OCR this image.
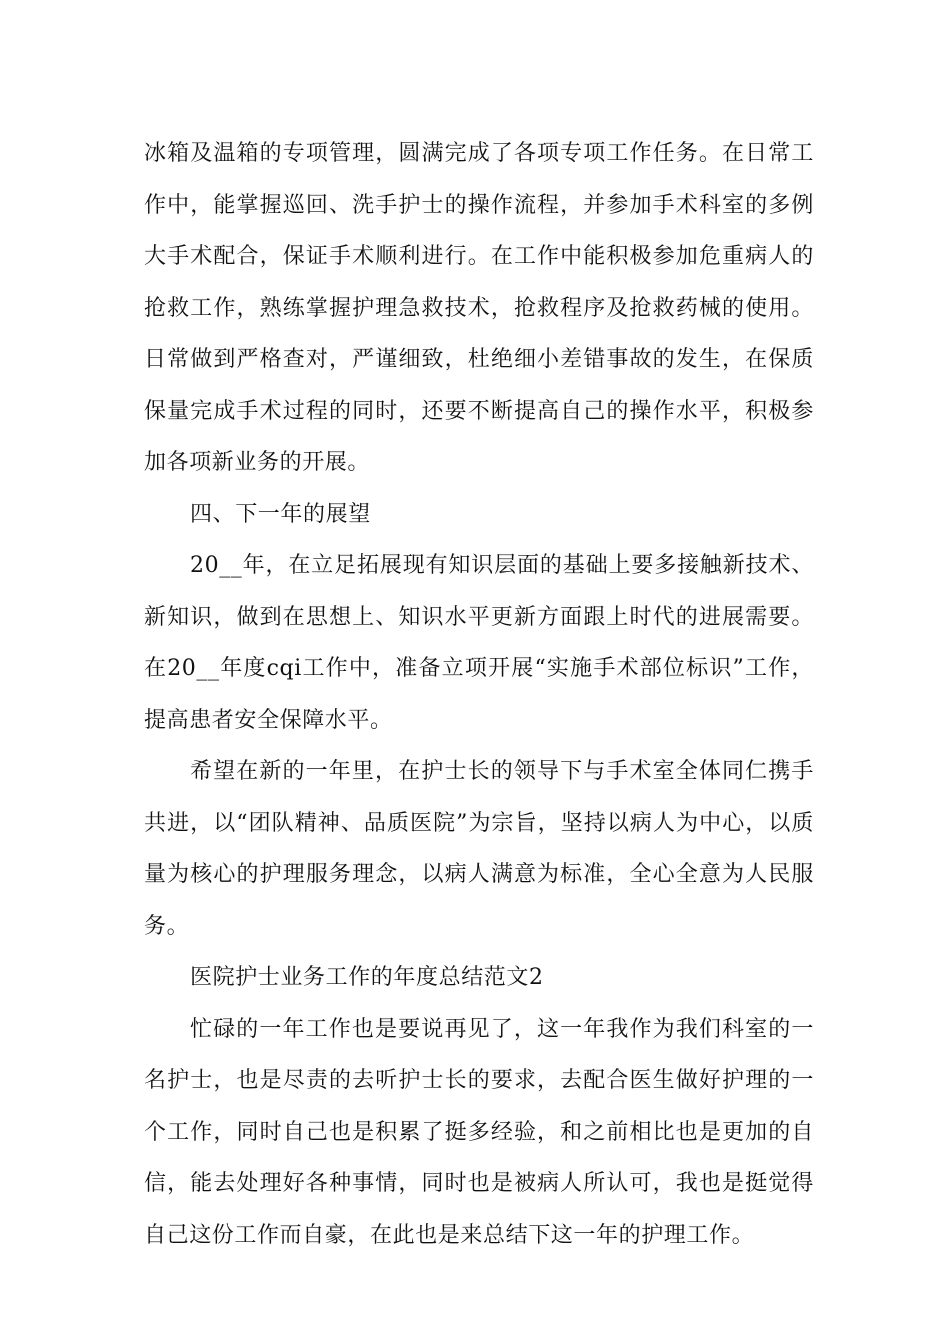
冰箱及温箱的专项管理，圆满完成了各项专项工作任务。在日常工作中，能掌握巡回、洗手护士的操作流程，并参加手术科室的多例大手术配合，保证手术顺利进行。在工作中能积极参加危重病人的抢救工作，熟练掌握护理急救技术，抢救程序及抢救药械的使用。日常做到严格查对，严谨细致，杜绝细小差错事故的发生，在保质保量完成手术过程的同时，还要不断提高自己的操作水平，积极参加各项新业务的开展。

四、下一年的展望

20__年，在立足拓展现有知识层面的基础上要多接触新技术、新知识，做到在思想上、知识水平更新方面跟上时代的进展需要。在20__年度cqi工作中，准备立项开展“实施手术部位标识”工作，提高患者安全保障水平。

希望在新的一年里，在护士长的领导下与手术室全体同仁携手共进，以“团队精神、品质医院”为宗旨，坚持以病人为中心，以质量为核心的护理服务理念，以病人满意为标准，全心全意为人民服务。

医院护士业务工作的年度总结范文2

忙碌的一年工作也是要说再见了，这一年我作为我们科室的一名护士，也是尽责的去听护士长的要求，去配合医生做好护理的一个工作，同时自己也是积累了挺多经验，和之前相比也是更加的自信，能去处理好各种事情，同时也是被病人所认可，我也是挺觉得自己这份工作而自豪，在此也是来总结下这一年的护理工作。
